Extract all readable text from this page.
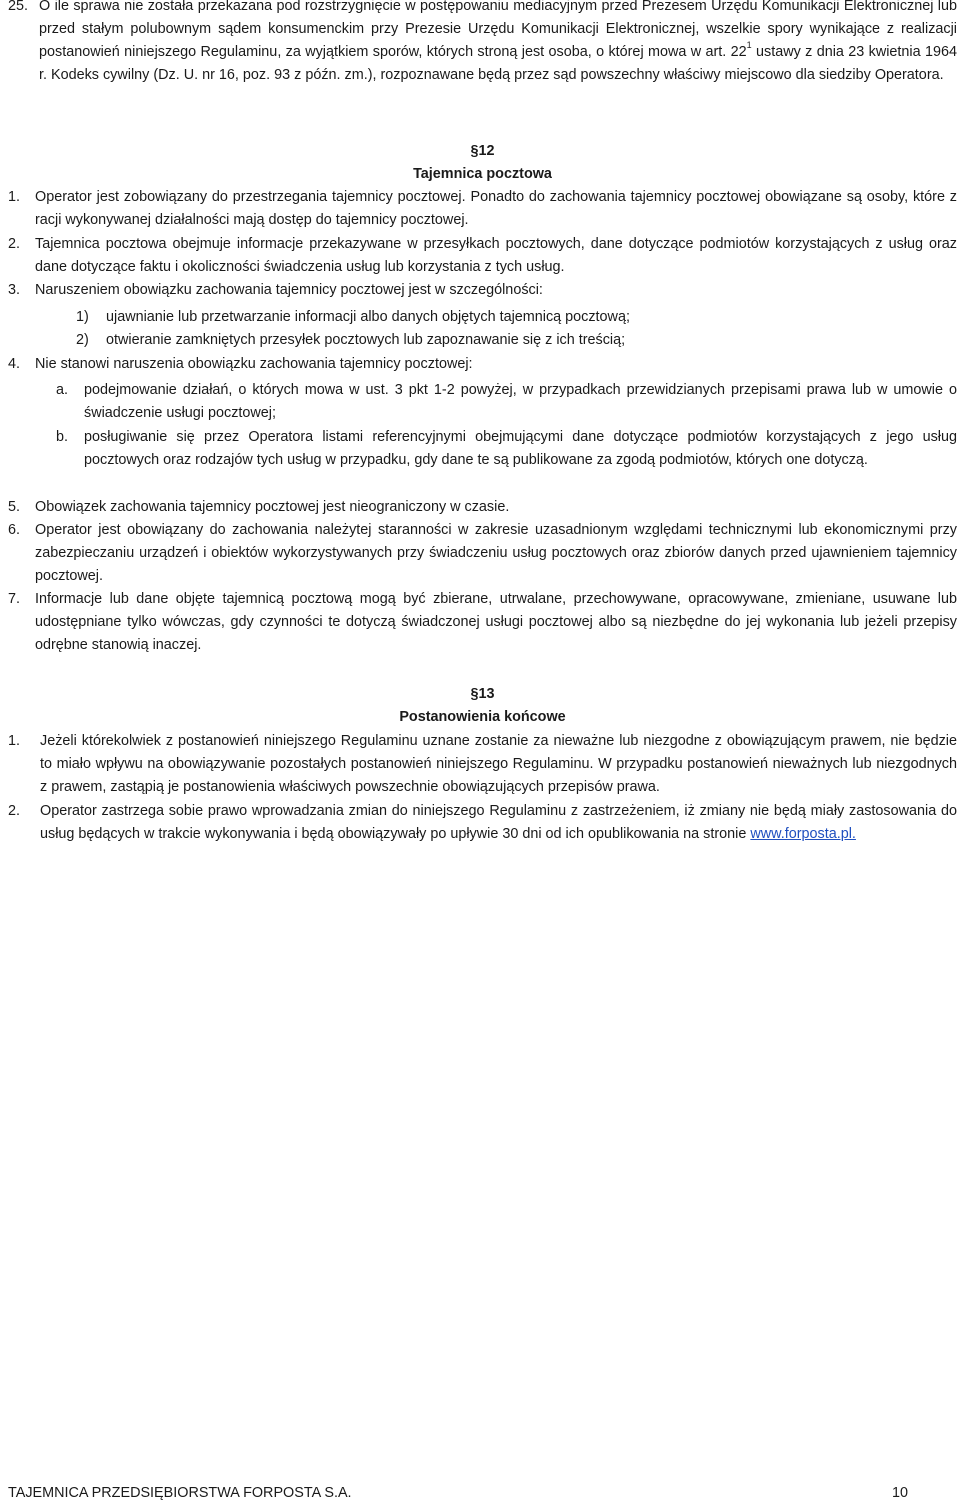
25. O ile sprawa nie została przekazana pod rozstrzygnięcie w postępowaniu mediacyjnym przed Prezesem Urzędu Komunikacji Elektronicznej lub przed stałym polubownym sądem konsumenckim przy Prezesie Urzędu Komunikacji Elektronicznej, wszelkie spory wynikające z realizacji postanowień niniejszego Regulaminu, za wyjątkiem sporów, których stroną jest osoba, o której mowa w art. $22^1$ ustawy z dnia 23 kwietnia 1964 r. Kodeks cywilny (Dz. U. nr 16, poz. 93 z późn. zm.), rozpoznawane będą przez sąd powszechny właściwy miejscowo dla siedziby Operatora.

§12
Tajemnica pocztowa
1.	Operator jest zobowiązany do przestrzegania tajemnicy pocztowej. Ponadto do zachowania tajemnicy pocztowej obowiązane są osoby, które z racji wykonywanej działalności mają dostęp do tajemnicy pocztowej.

2.	Tajemnica pocztowa obejmuje informacje przekazywane w przesyłkach pocztowych, dane dotyczące podmiotów korzystających z usług oraz dane dotyczące faktu i okoliczności świadczenia usług lub korzystania z tych usług.

3.	Naruszeniem obowiązku zachowania tajemnicy pocztowej jest w szczególności:

1)	ujawnianie lub przetwarzanie informacji albo danych objętych tajemnicą pocztową;

2)	otwieranie zamkniętych przesyłek pocztowych lub zapoznawanie się z ich treścią;

4.	Nie stanowi naruszenia obowiązku zachowania tajemnicy pocztowej:

a.	podejmowanie działań, o których mowa w ust. 3 pkt 1-2 powyżej, w przypadkach przewidzianych przepisami prawa lub w umowie o świadczenie usługi pocztowej;

b.	posługiwanie się przez Operatora listami referencyjnymi obejmującymi dane dotyczące podmiotów korzystających z jego usług pocztowych oraz rodzajów tych usług w przypadku, gdy dane te są publikowane za zgodą podmiotów, których one dotyczą.

5.	Obowiązek zachowania tajemnicy pocztowej jest nieograniczony w czasie.

6.	Operator jest obowiązany do zachowania należytej staranności w zakresie uzasadnionym względami technicznymi lub ekonomicznymi przy zabezpieczaniu urządzeń i obiektów wykorzystywanych przy świadczeniu usług pocztowych oraz zbiorów danych przed ujawnieniem tajemnicy pocztowej.

7.	Informacje lub dane objęte tajemnicą pocztową mogą być zbierane, utrwalane, przechowywane, opracowywane, zmieniane, usuwane lub udostępniane tylko wówczas, gdy czynności te dotyczą świadczonej usługi pocztowej albo są niezbędne do jej wykonania lub jeżeli przepisy odrębne stanowią inaczej.

§13
Postanowienia końcowe
1.	Jeżeli którekolwiek z postanowień niniejszego Regulaminu uznane zostanie za nieważne lub niezgodne z obowiązującym prawem, nie będzie to miało wpływu na obowiązywanie pozostałych postanowień niniejszego Regulaminu. W przypadku postanowień nieważnych lub niezgodnych z prawem, zastąpią je postanowienia właściwych powszechnie obowiązujących przepisów prawa.

2.	Operator zastrzega sobie prawo wprowadzania zmian do niniejszego Regulaminu z zastrzeżeniem, iż zmiany nie będą miały zastosowania do usług będących w trakcie wykonywania i będą obowiązywały po upływie 30 dni od ich opublikowania na stronie www.forposta.pl.

TAJEMNICA PRZEDSIĘBIORSTWA FORPOSTA S.A.	10
